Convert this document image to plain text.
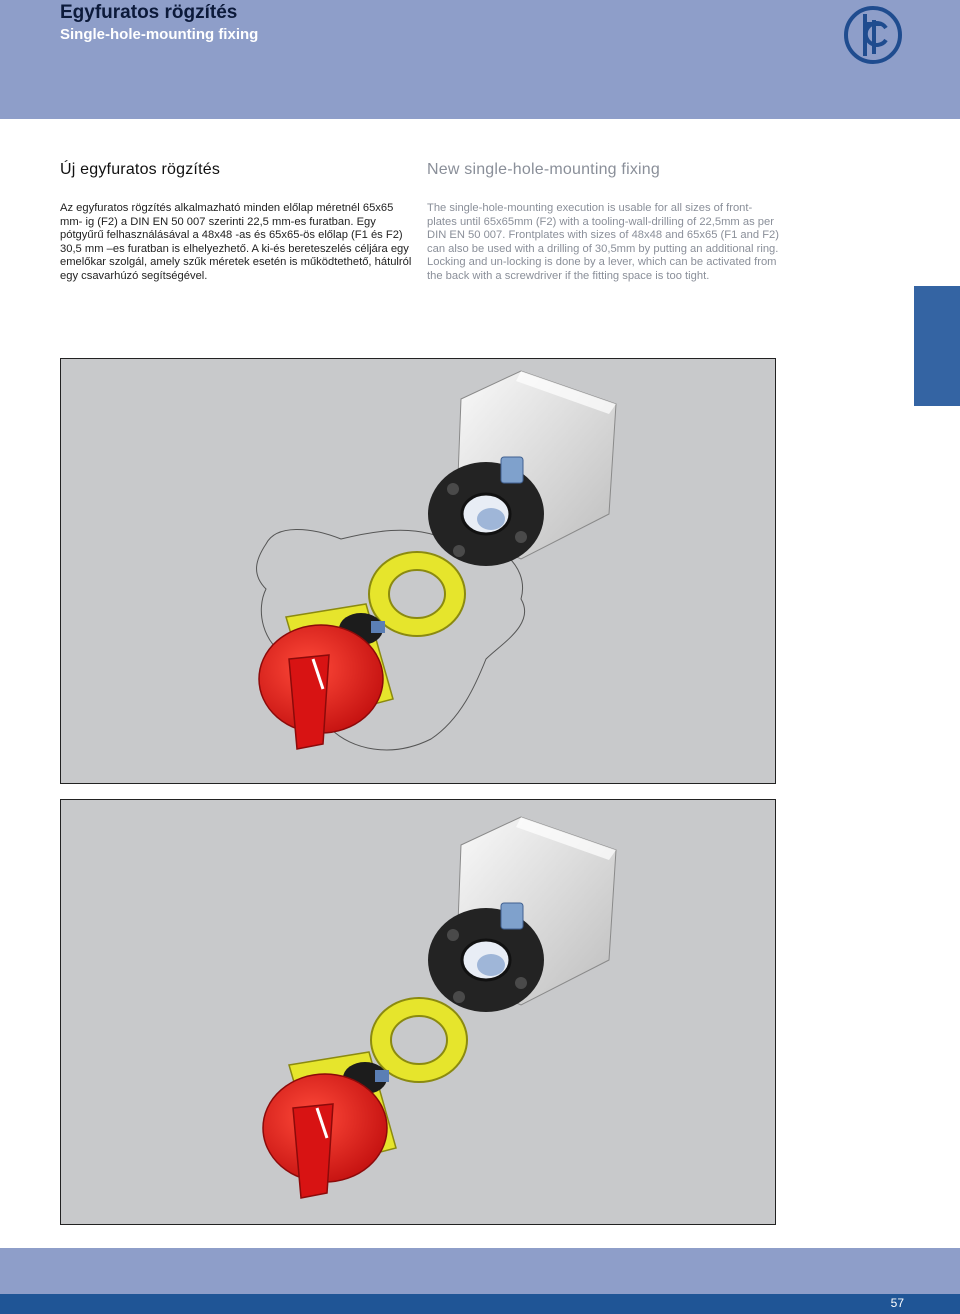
Egyfuratos rögzítés
Single-hole-mounting fixing
Új egyfuratos rögzítés

Az egyfuratos rögzítés alkalmazható minden előlap méretnél 65x65 mm- ig (F2) a DIN EN 50 007 szerinti 22,5 mm-es furatban. Egy pótgyűrű felhasználásával a 48x48 -as és 65x65-ös előlap (F1 és F2) 30,5 mm –es furatban is elhelyezhető. A ki-és bereteszelés céljára egy emelőkar szolgál, amely szűk méretek esetén is működtethető, hátulról egy csavarhúzó segítségével.

New single-hole-mounting fixing
The single-hole-mounting execution is usable for all sizes of front-plates until 65x65mm (F2) with a tooling-wall-drilling of 22,5mm as per DIN EN 50 007. Frontplates with sizes of 48x48 and 65x65 (F1 and F2) can also be used with a drilling of 30,5mm by putting an additional ring.
Locking and un-locking is done by a lever, which can be activated from the back with a screwdriver if the fitting space is too tight.
57
